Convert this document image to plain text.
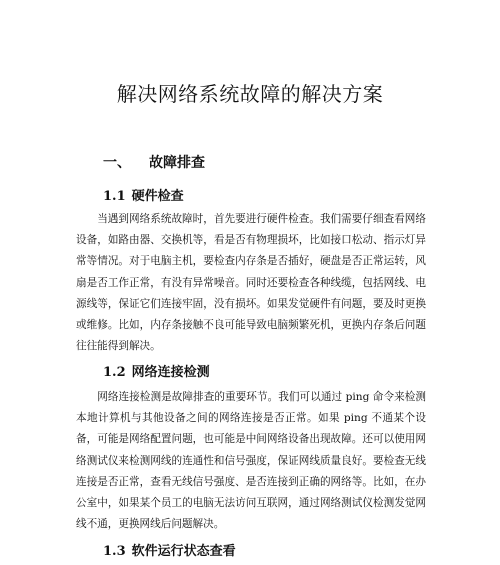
解决网络系统故障的解决方案
一、 故障排查
1.1 硬件检查

当遇到网络系统故障时，首先要进行硬件检查。我们需要仔细查看网络设备，如路由器、交换机等，看是否有物理损坏，比如接口松动、指示灯异常等情况。对于电脑主机，要检查内存条是否插好，硬盘是否正常运转，风扇是否工作正常，有没有异常噪音。同时还要检查各种线缆，包括网线、电源线等，保证它们连接牢固，没有损坏。如果发觉硬件有问题，要及时更换或维修。比如，内存条接触不良可能导致电脑频繁死机，更换内存条后问题往往能得到解决。

1.2 网络连接检测

网络连接检测是故障排查的重要环节。我们可以通过 ping 命令来检测本地计算机与其他设备之间的网络连接是否正常。如果 ping 不通某个设备，可能是网络配置问题，也可能是中间网络设备出现故障。还可以使用网络测试仪来检测网线的连通性和信号强度，保证网线质量良好。要检查无线连接是否正常，查看无线信号强度、是否连接到正确的网络等。比如，在办公室中，如果某个员工的电脑无法访问互联网，通过网络测试仪检测发觉网线不通，更换网线后问题解决。

1.3 软件运行状态查看
